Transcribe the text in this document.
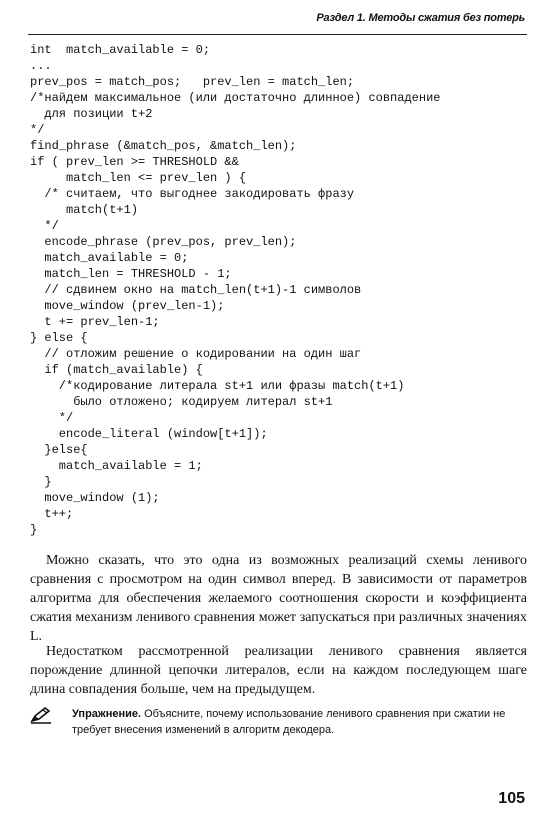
Раздел 1. Методы сжатия без потерь
int  match_available = 0;
...
prev_pos = match_pos;   prev_len = match_len;
/*найдем максимальное (или достаточно длинное) совпадение
для позиции t+2
*/
find_phrase (&match_pos, &match_len);
if ( prev_len >= THRESHOLD &&
match_len <= prev_len ) {
/* считаем, что выгоднее закодировать фразу
match(t+1)
*/
encode_phrase (prev_pos, prev_len);
match_available = 0;
match_len = THRESHOLD - 1;
// сдвинем окно на match_len(t+1)-1 символов
move_window (prev_len-1);
t += prev_len-1;
} else {
// отложим решение о кодировании на один шаг
if (match_available) {
/*кодирование литерала st+1 или фразы match(t+1)
было отложено; кодируем литерал st+1
*/
encode_literal (window[t+1]);
}else{
match_available = 1;
}
move_window (1);
t++;
}
Можно сказать, что это одна из возможных реализаций схемы ленивого сравнения с просмотром на один символ вперед. В зависимости от параметров алгоритма для обеспечения желаемого соотношения скорости и коэффициента сжатия механизм ленивого сравнения может запускаться при различных значениях L.
Недостатком рассмотренной реализации ленивого сравнения является порождение длинной цепочки литералов, если на каждом последующем шаге длина совпадения больше, чем на предыдущем.
Упражнение. Объясните, почему использование ленивого сравнения при сжатии не требует внесения изменений в алгоритм декодера.
105
